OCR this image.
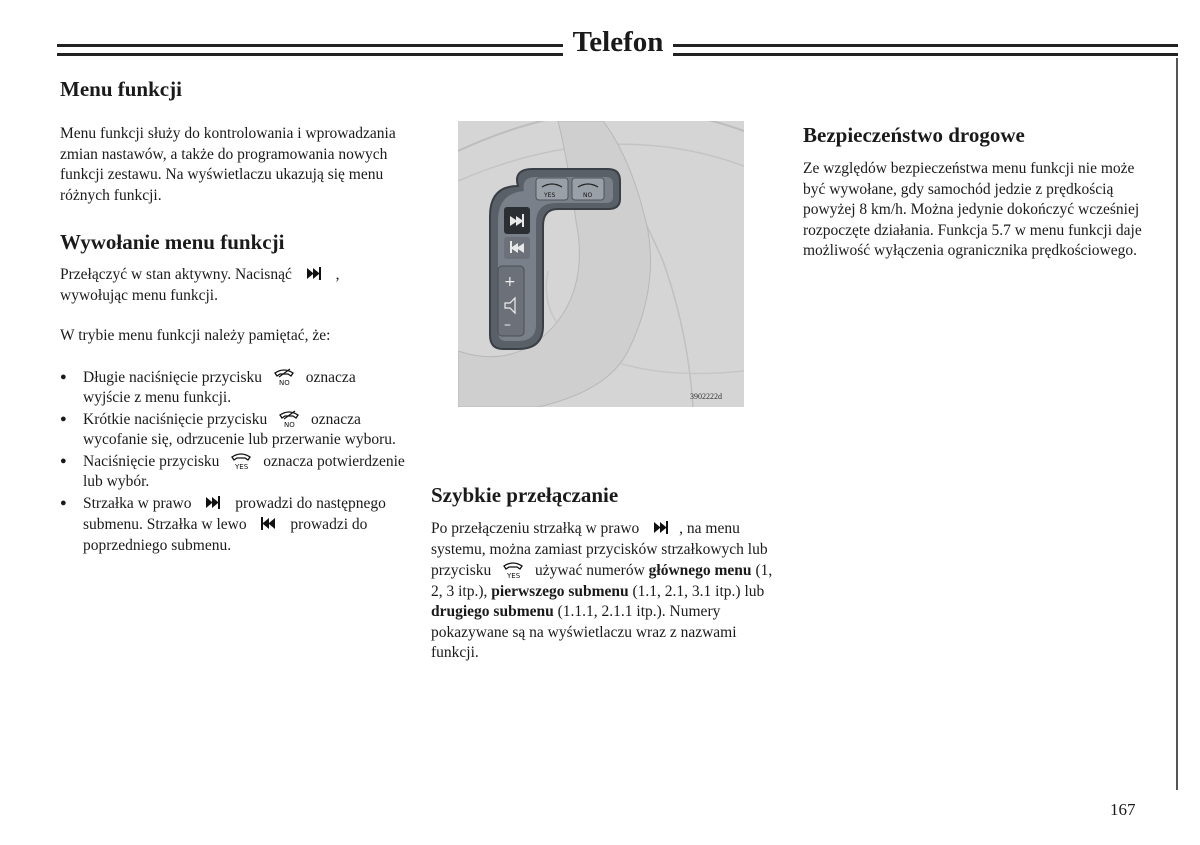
Telefon
Menu funkcji

Menu funkcji służy do kontrolowania i wprowadzania zmian nastawów, a także do programowania nowych funkcji zestawu. Na wyświetlaczu ukazują się menu różnych funkcji.

Wywołanie menu funkcji

Przełączyć w stan aktywny. Nacisnąć	, wywołując menu funkcji.

W trybie menu funkcji należy pamiętać, że:

● Długie naciśnięcie przycisku NO oznacza wyjście z menu funkcji.
● Krótkie naciśnięcie przycisku NO oznacza wycofanie się, odrzucenie lub przerwanie wyboru.
● Naciśnięcie przycisku YES oznacza potwierdzenie lub wybór.
● Strzałka w prawo	prowadzi do następnego submenu. Strzałka w lewo	prowadzi do poprzedniego submenu.
YES	NO
+
–
3902222d
Szybkie przełączanie

Po przełączeniu strzałką w prawo	, na menu systemu, można zamiast przycisków strzałkowych lub przycisku YES używać numerów głównego menu (1, 2, 3 itp.), pierwszego submenu (1.1, 2.1, 3.1 itp.) lub drugiego submenu (1.1.1, 2.1.1 itp.). Numery pokazywane są na wyświetlaczu wraz z nazwami funkcji.

Bezpieczeństwo drogowe

Ze względów bezpieczeństwa menu funkcji nie może być wywołane, gdy samochód jedzie z prędkością powyżej 8 km/h. Można jedynie dokończyć wcześniej rozpoczęte działania. Funkcja 5.7 w menu funkcji daje możliwość wyłączenia ogranicznika prędkościowego.

167
